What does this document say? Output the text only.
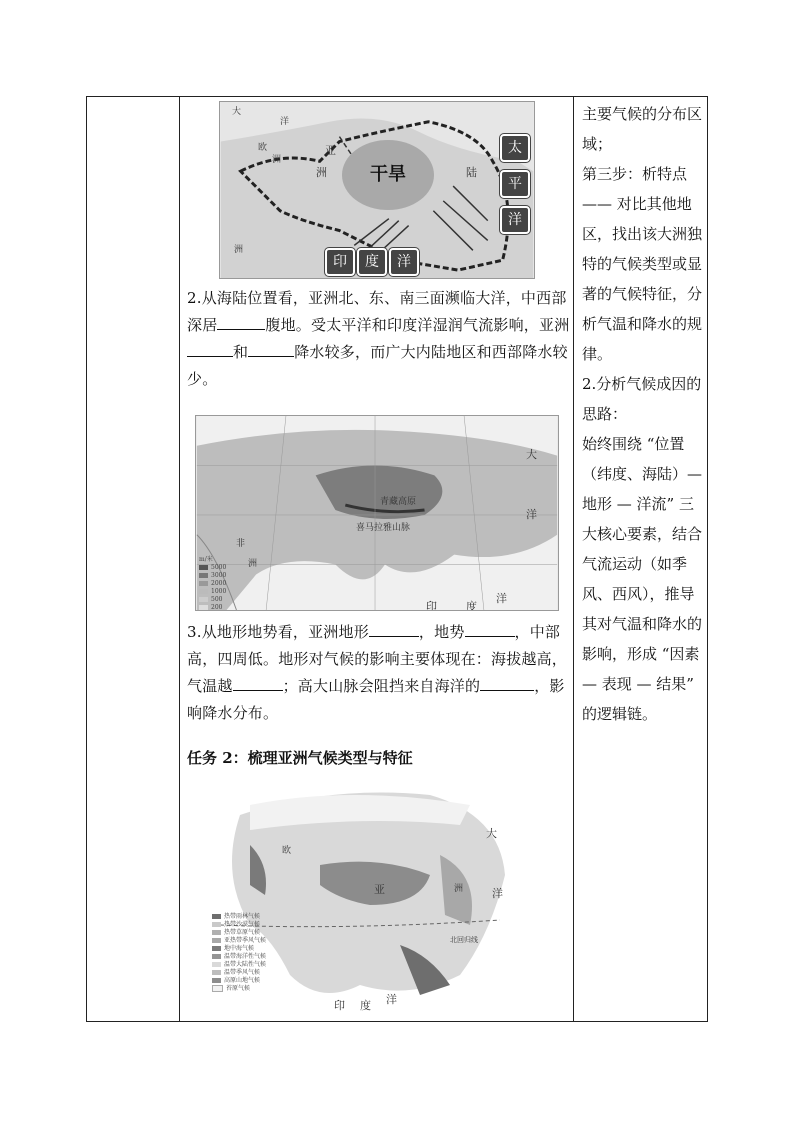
干旱
太
平
洋
印	度	洋
大
洋
亚
洲
欧
洲
陆
洲
2.从海陆位置看，亚洲北、东、南三面濒临大洋，中西部深居	腹地。受太平洋和印度洋湿润气流影响，亚洲和	降水较多，而广大内陆地区和西部降水较少。
青藏高原
喜马拉雅山脉
非
洲
大
洋
印	度
洋
m/米
5000
3000
2000
1000
500
200
3.从地形地势看，亚洲地形	，地势	，中部高，四周低。地形对气候的影响主要体现在：海拔越高，气温越	；高大山脉会阻挡来自海洋的	，影响降水分布。
任务 2：梳理亚洲气候类型与特征
欧
亚	洲
大
洋
北回归线
印 度 洋
热带雨林气候
热带沙漠气候
热带草原气候
亚热带季风气候
地中海气候
温带海洋性气候
温带大陆性气候
温带季风气候
高原山地气候
苔原气候

主要气候的分布区域；

第三步：析特点 —— 对比其他地区，找出该大洲独特的气候类型或显著的气候特征，分析气温和降水的规律。

2.分析气候成因的思路：

始终围绕 “位置（纬度、海陆）— 地形 — 洋流” 三大核心要素，结合气流运动（如季风、西风），推导其对气温和降水的影响，形成 “因素 — 表现 — 结果” 的逻辑链。
